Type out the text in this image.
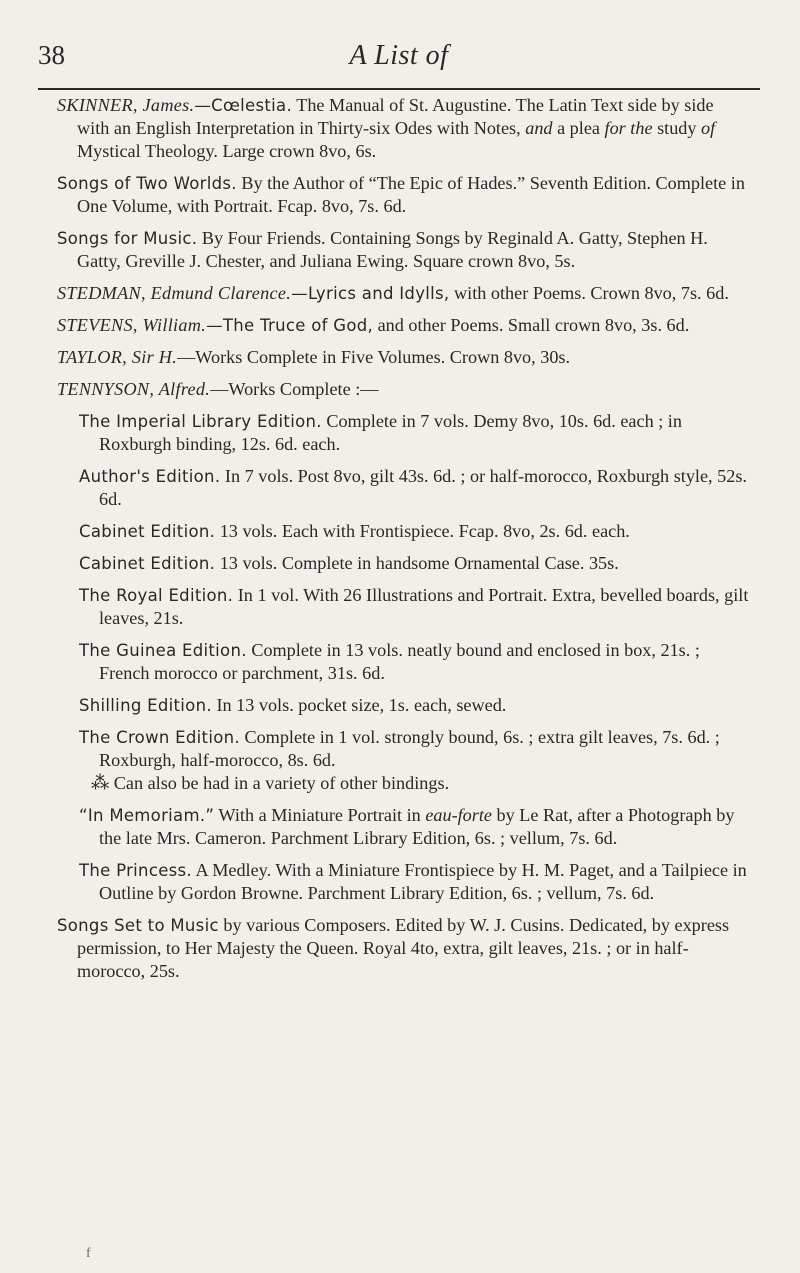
38	A List of

SKINNER, James.—Cœlestia. The Manual of St. Augustine. The Latin Text side by side with an English Interpretation in Thirty-six Odes with Notes, and a plea for the study of Mystical Theology. Large crown 8vo, 6s.

Songs of Two Worlds. By the Author of “The Epic of Hades.” Seventh Edition. Complete in One Volume, with Portrait. Fcap. 8vo, 7s. 6d.

Songs for Music. By Four Friends. Containing Songs by Reginald A. Gatty, Stephen H. Gatty, Greville J. Chester, and Juliana Ewing. Square crown 8vo, 5s.

STEDMAN, Edmund Clarence.—Lyrics and Idylls, with other Poems. Crown 8vo, 7s. 6d.

STEVENS, William.—The Truce of God, and other Poems. Small crown 8vo, 3s. 6d.

TAYLOR, Sir H.—Works Complete in Five Volumes. Crown 8vo, 30s.

TENNYSON, Alfred.—Works Complete :—

The Imperial Library Edition. Complete in 7 vols. Demy 8vo, 10s. 6d. each ; in Roxburgh binding, 12s. 6d. each.

Author's Edition. In 7 vols. Post 8vo, gilt 43s. 6d. ; or half-morocco, Roxburgh style, 52s. 6d.

Cabinet Edition. 13 vols. Each with Frontispiece. Fcap. 8vo, 2s. 6d. each.

Cabinet Edition. 13 vols. Complete in handsome Ornamental Case. 35s.

The Royal Edition. In 1 vol. With 26 Illustrations and Portrait. Extra, bevelled boards, gilt leaves, 21s.

The Guinea Edition. Complete in 13 vols. neatly bound and enclosed in box, 21s. ; French morocco or parchment, 31s. 6d.

Shilling Edition. In 13 vols. pocket size, 1s. each, sewed.

The Crown Edition. Complete in 1 vol. strongly bound, 6s. ; extra gilt leaves, 7s. 6d. ; Roxburgh, half-morocco, 8s. 6d.

⁂ Can also be had in a variety of other bindings.

“In Memoriam.” With a Miniature Portrait in eau-forte by Le Rat, after a Photograph by the late Mrs. Cameron. Parchment Library Edition, 6s. ; vellum, 7s. 6d.

The Princess. A Medley. With a Miniature Frontispiece by H. M. Paget, and a Tailpiece in Outline by Gordon Browne. Parchment Library Edition, 6s. ; vellum, 7s. 6d.

Songs Set to Music by various Composers. Edited by W. J. Cusins. Dedicated, by express permission, to Her Majesty the Queen. Royal 4to, extra, gilt leaves, 21s. ; or in half-morocco, 25s.

f
